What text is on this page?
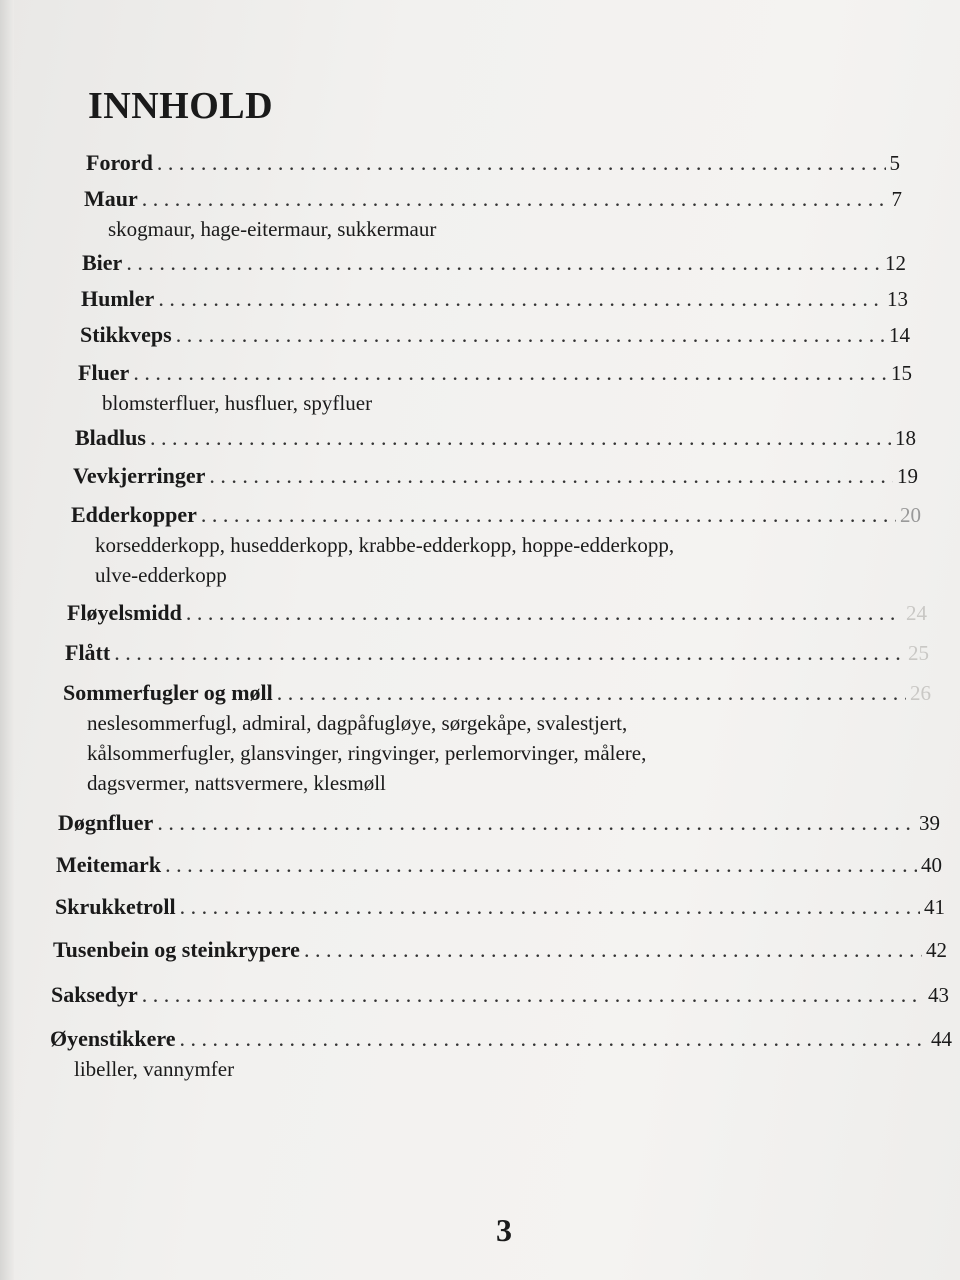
INNHOLD
Forord . . .	5
Maur . . .	7
skogmaur, hage-eitermaur, sukkermaur
Bier . . .	12
Humler . . .	13
Stikkveps . . .	14
Fluer . . .	15
blomsterfluer, husfluer, spyfluer
Bladlus . . .	18
Vevkjerringer . . .	19
Edderkopper . . .	20
korsedderkopp, husedderkopp, krabbe-edderkopp, hoppe-edderkopp,
ulve-edderkopp
Fløyelsmidd . . .	24
Flått . . .	25
Sommerfugler og møll . . .	26
neslesommerfugl, admiral, dagpåfugløye, sørgekåpe, svalestjert,
kålsommerfugler, glansvinger, ringvinger, perlemorvinger, målere,
dagsvermer, nattsvermere, klesmøll
Døgnfluer . . .	39
Meitemark . . .	40
Skrukketroll . . .	41
Tusenbein og steinkrypere . . .	42
Saksedyr . . .	43
Øyenstikkere . . .	44
libeller, vannymfer
3
